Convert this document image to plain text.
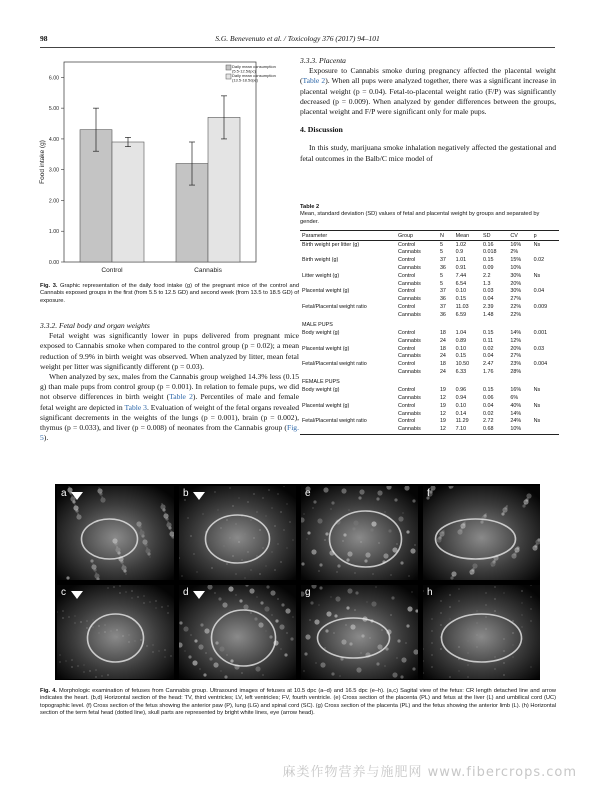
98	S.G. Benevenuto et al. / Toxicology 376 (2017) 94–101
0.00
1.00
2.00
3.00
4.00
5.00
6.00
Food intake (g)
Control	Cannabis
Daily mean consumption
(5.5-12.5dpc)
Daily mean consumption
(13.5-18.5dpc)
Fig. 3. Graphic representation of the daily food intake (g) of the pregnant mice of the control and Cannabis exposed groups in the first (from 5.5 to 12.5 GD) and second week (from 13.5 to 18.5 GD) of exposure.

3.3.2. Fetal body and organ weights

Fetal weight was significantly lower in pups delivered from pregnant mice exposed to Cannabis smoke when compared to the control group (p = 0.02); a mean reduction of 9.9% in birth weight was observed. When analyzed by litter, mean fetal weight per litter was significantly different (p = 0.03).

When analyzed by sex, males from the Cannabis group weighed 14.3% less (0.15 g) than male pups from control group (p = 0.001). In relation to female pups, we did not observe differences in birth weight (Table 2). Percentiles of male and female fetal weight are depicted in Table 3. Evaluation of weight of the fetal organs revealed significant decrements in the weights of the lungs (p = 0.001), brain (p = 0.002), thymus (p = 0.033), and liver (p = 0.008) of neonates from the Cannabis group (Fig. 5).

3.3.3. Placenta

Exposure to Cannabis smoke during pregnancy affected the placental weight (Table 2). When all pups were analyzed together, there was a significant increase in placental weight (p = 0.04). Fetal-to-placental weight ratio (F/P) was significantly decreased (p = 0.009). When analyzed by gender differences between the groups, placental weight and F/P were significant only for male pups.

4. Discussion

In this study, marijuana smoke inhalation negatively affected the gestational and fetal outcomes in the Balb/C mice model of

Table 2
Mean, standard deviation (SD) values of fetal and placental weight by groups and separated by gender.
Parameter	Group	N	Mean	SD	CV	p
Birth weight per litter (g)	Control	5	1.02	0.16	16%	Ns
	Cannabis	5	0.9	0.018	2%	
Birth weight (g)	Control	37	1.01	0.15	15%	0.02
	Cannabis	36	0.91	0.09	10%	
Litter weight (g)	Control	5	7.44	2.2	30%	Ns
	Cannabis	5	6.54	1.3	20%	
Placental weight (g)	Control	37	0.10	0.03	30%	0.04
	Cannabis	36	0.15	0.04	27%	
Fetal/Placental weight ratio	Control	37	11.03	2.39	22%	0.009
	Cannabis	36	6.59	1.48	22%	
MALE PUPS						
Body weight (g)	Control	18	1.04	0.15	14%	0.001
	Cannabis	24	0.89	0.11	12%	
Placental weight (g)	Control	18	0.10	0.02	20%	0.03
	Cannabis	24	0.15	0.04	27%	
Fetal/Placental weight ratio	Control	18	10.50	2.47	23%	0.004
	Cannabis	24	6.33	1.76	28%	
FEMALE PUPS						
Body weight (g)	Control	19	0.96	0.15	16%	Ns
	Cannabis	12	0.94	0.06	6%	
Placental weight (g)	Control	19	0.10	0.04	40%	Ns
	Cannabis	12	0.14	0.02	14%	
Fetal/Placental weight ratio	Control	19	11.29	2.72	24%	Ns
	Cannabis	12	7.10	0.68	10%	
a	b	e	f
c	d	g	h
Fig. 4. Morphologic examination of fetuses from Cannabis group. Ultrasound images of fetuses at 10.5 dpc (a–d) and 16.5 dpc (e–h). (a,c) Sagital view of the fetus: CR length detached line and arrow indicates the heart. (b,d) Horizontal section of the head: TV, third ventricles; LV, left ventricles; FV, fourth ventricle. (e) Cross section of the placenta (PL) and fetus at the liver (L) and umbilical cord (UC) topographic level. (f) Cross section of the fetus showing the anterior paw (P), lung (LG) and spinal cord (SC). (g) Cross section of the placenta (PL) and the fetus showing the anterior limb (L). (h) Horizontal section of the term fetal head (dotted line), skull parts are represented by bright white lines, eye (arrow head).
麻类作物营养与施肥网 www.fibercrops.com
